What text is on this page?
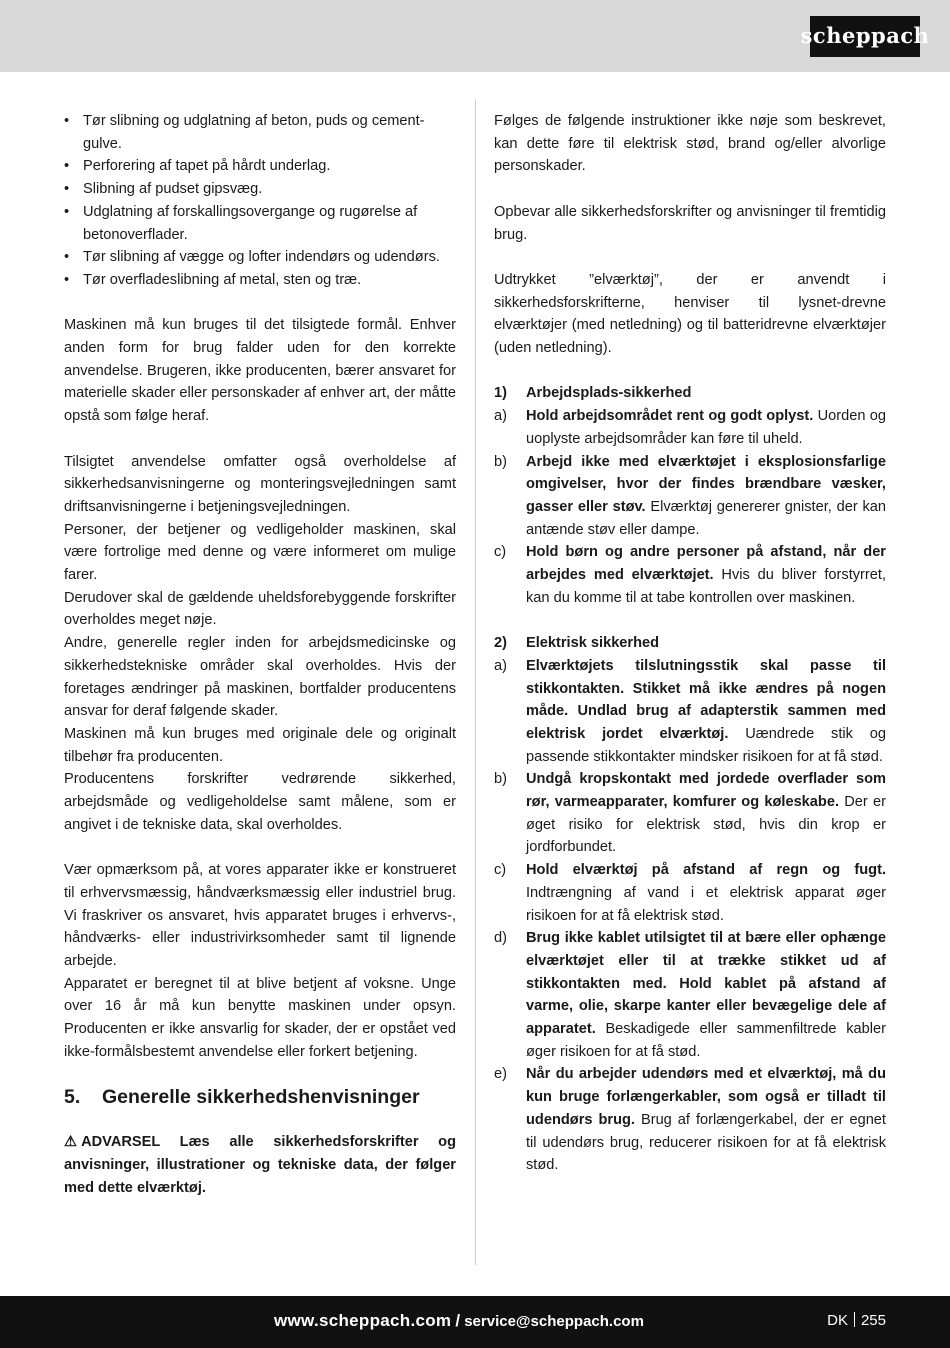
scheppach
• Tør slibning og udglatning af beton, puds og cement-gulve.
• Perforering af tapet på hårdt underlag.
• Slibning af pudset gipsvæg.
• Udglatning af forskallingsovergange og rugørelse af betonoverflader.
• Tør slibning af vægge og lofter indendørs og udendørs.
• Tør overfladeslibning af metal, sten og træ.

Maskinen må kun bruges til det tilsigtede formål. Enhver anden form for brug falder uden for den korrekte anvendelse. Brugeren, ikke producenten, bærer ansvaret for materielle skader eller personskader af enhver art, der måtte opstå som følge heraf.

Tilsigtet anvendelse omfatter også overholdelse af sikkerhedsanvisningerne og monteringsvejledningen samt driftsanvisningerne i betjeningsvejledningen.

Personer, der betjener og vedligeholder maskinen, skal være fortrolige med denne og være informeret om mulige farer.

Derudover skal de gældende uheldsforebyggende forskrifter overholdes meget nøje.

Andre, generelle regler inden for arbejdsmedicinske og sikkerhedstekniske områder skal overholdes. Hvis der foretages ændringer på maskinen, bortfalder producentens ansvar for deraf følgende skader.

Maskinen må kun bruges med originale dele og originalt tilbehør fra producenten.

Producentens forskrifter vedrørende sikkerhed, arbejdsmåde og vedligeholdelse samt målene, som er angivet i de tekniske data, skal overholdes.

Vær opmærksom på, at vores apparater ikke er konstrueret til erhvervsmæssig, håndværksmæssig eller industriel brug. Vi fraskriver os ansvaret, hvis apparatet bruges i erhvervs-, håndværks- eller industrivirksomheder samt til lignende arbejde.

Apparatet er beregnet til at blive betjent af voksne. Unge over 16 år må kun benytte maskinen under opsyn. Producenten er ikke ansvarlig for skader, der er opstået ved ikke-formålsbestemt anvendelse eller forkert betjening.

5.	Generelle sikkerhedshenvisninger

⚠ ADVARSEL Læs alle sikkerhedsforskrifter og anvisninger, illustrationer og tekniske data, der følger med dette elværktøj.

Følges de følgende instruktioner ikke nøje som beskrevet, kan dette føre til elektrisk stød, brand og/eller alvorlige personskader.

Opbevar alle sikkerhedsforskrifter og anvisninger til fremtidig brug.

Udtrykket ”elværktøj”, der er anvendt i sikkerhedsforskrifterne, henviser til lysnet-drevne elværktøjer (med netledning) og til batteridrevne elværktøjer (uden netledning).

1)	Arbejdsplads-sikkerhed
a)	Hold arbejdsområdet rent og godt oplyst. Uorden og uoplyste arbejdsområder kan føre til uheld.

b)	Arbejd ikke med elværktøjet i eksplosionsfarlige omgivelser, hvor der findes brændbare væsker, gasser eller støv. Elværktøj genererer gnister, der kan antænde støv eller dampe.

c)	Hold børn og andre personer på afstand, når der arbejdes med elværktøjet. Hvis du bliver forstyrret, kan du komme til at tabe kontrollen over maskinen.

2)	Elektrisk sikkerhed
a)	Elværktøjets tilslutningsstik skal passe til stikkontakten. Stikket må ikke ændres på nogen måde. Undlad brug af adapterstik sammen med elektrisk jordet elværktøj. Uændrede stik og passende stikkontakter mindsker risikoen for at få stød.

b)	Undgå kropskontakt med jordede overflader som rør, varmeapparater, komfurer og køleskabe. Der er øget risiko for elektrisk stød, hvis din krop er jordforbundet.

c)	Hold elværktøj på afstand af regn og fugt. Indtrængning af vand i et elektrisk apparat øger risikoen for at få elektrisk stød.

d)	Brug ikke kablet utilsigtet til at bære eller ophænge elværktøjet eller til at trække stikket ud af stikkontakten med. Hold kablet på afstand af varme, olie, skarpe kanter eller bevægelige dele af apparatet. Beskadigede eller sammenfiltrede kabler øger risikoen for at få stød.

e)	Når du arbejder udendørs med et elværktøj, må du kun bruge forlængerkabler, som også er tilladt til udendørs brug. Brug af forlængerkabel, der er egnet til udendørs brug, reducerer risikoen for at få elektrisk stød.

www.scheppach.com / service@scheppach.com	DK 255
